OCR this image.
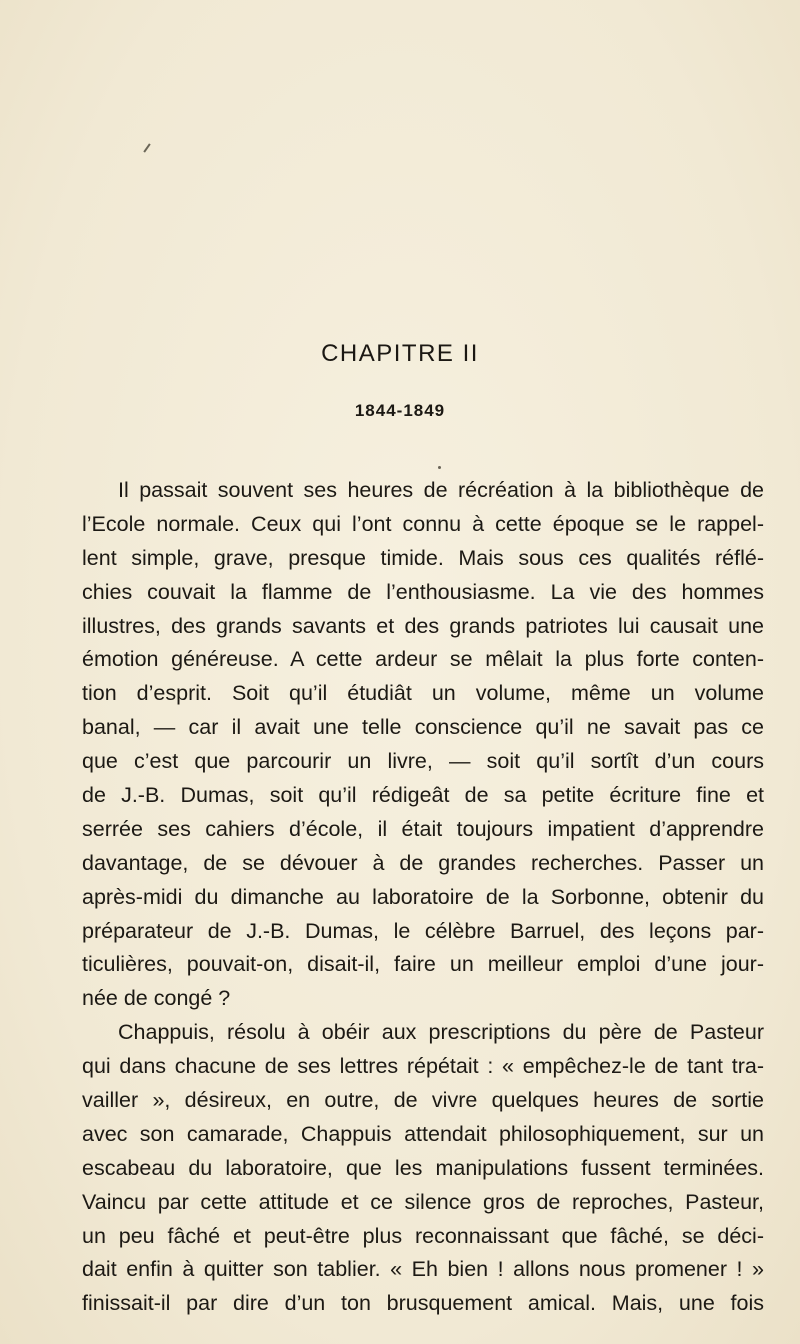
CHAPITRE II
1844-1849
Il passait souvent ses heures de récréation à la bibliothèque de
l’Ecole normale. Ceux qui l’ont connu à cette époque se le rappel-
lent simple, grave, presque timide. Mais sous ces qualités réflé-
chies couvait la flamme de l’enthousiasme. La vie des hommes
illustres, des grands savants et des grands patriotes lui causait une
émotion généreuse. A cette ardeur se mêlait la plus forte conten-
tion d’esprit. Soit qu’il étudiât un volume, même un volume
banal, — car il avait une telle conscience qu’il ne savait pas ce
que c’est que parcourir un livre, — soit qu’il sortît d’un cours
de J.-B. Dumas, soit qu’il rédigeât de sa petite écriture fine et
serrée ses cahiers d’école, il était toujours impatient d’apprendre
davantage, de se dévouer à de grandes recherches. Passer un
après-midi du dimanche au laboratoire de la Sorbonne, obtenir du
préparateur de J.-B. Dumas, le célèbre Barruel, des leçons par-
ticulières, pouvait-on, disait-il, faire un meilleur emploi d’une jour-
née de congé ?
Chappuis, résolu à obéir aux prescriptions du père de Pasteur
qui dans chacune de ses lettres répétait : « empêchez-le de tant tra-
vailler », désireux, en outre, de vivre quelques heures de sortie
avec son camarade, Chappuis attendait philosophiquement, sur un
escabeau du laboratoire, que les manipulations fussent terminées.
Vaincu par cette attitude et ce silence gros de reproches, Pasteur,
un peu fâché et peut-être plus reconnaissant que fâché, se déci-
dait enfin à quitter son tablier. « Eh bien ! allons nous promener ! »
finissait-il par dire d’un ton brusquement amical. Mais, une fois
